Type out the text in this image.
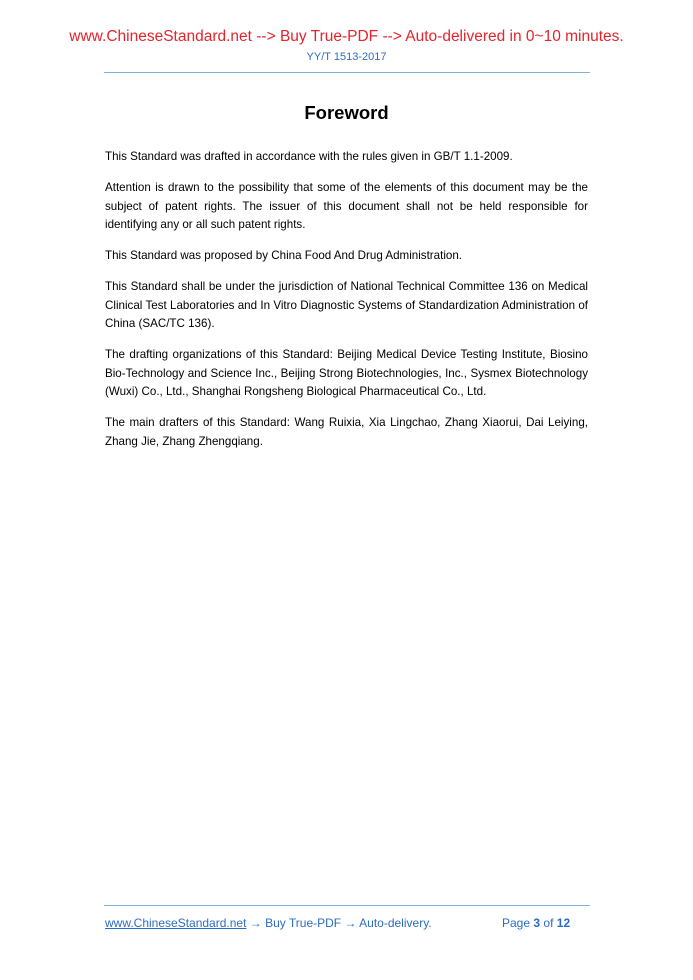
www.ChineseStandard.net --> Buy True-PDF --> Auto-delivered in 0~10 minutes.
YY/T 1513-2017
Foreword

This Standard was drafted in accordance with the rules given in GB/T 1.1-2009.

Attention is drawn to the possibility that some of the elements of this document may be the subject of patent rights. The issuer of this document shall not be held responsible for identifying any or all such patent rights.

This Standard was proposed by China Food And Drug Administration.

This Standard shall be under the jurisdiction of National Technical Committee 136 on Medical Clinical Test Laboratories and In Vitro Diagnostic Systems of Standardization Administration of China (SAC/TC 136).

The drafting organizations of this Standard: Beijing Medical Device Testing Institute, Biosino Bio-Technology and Science Inc., Beijing Strong Biotechnologies, Inc., Sysmex Biotechnology (Wuxi) Co., Ltd., Shanghai Rongsheng Biological Pharmaceutical Co., Ltd.

The main drafters of this Standard: Wang Ruixia, Xia Lingchao, Zhang Xiaorui, Dai Leiying, Zhang Jie, Zhang Zhengqiang.

www.ChineseStandard.net → Buy True-PDF → Auto-delivery.	Page 3 of 12
